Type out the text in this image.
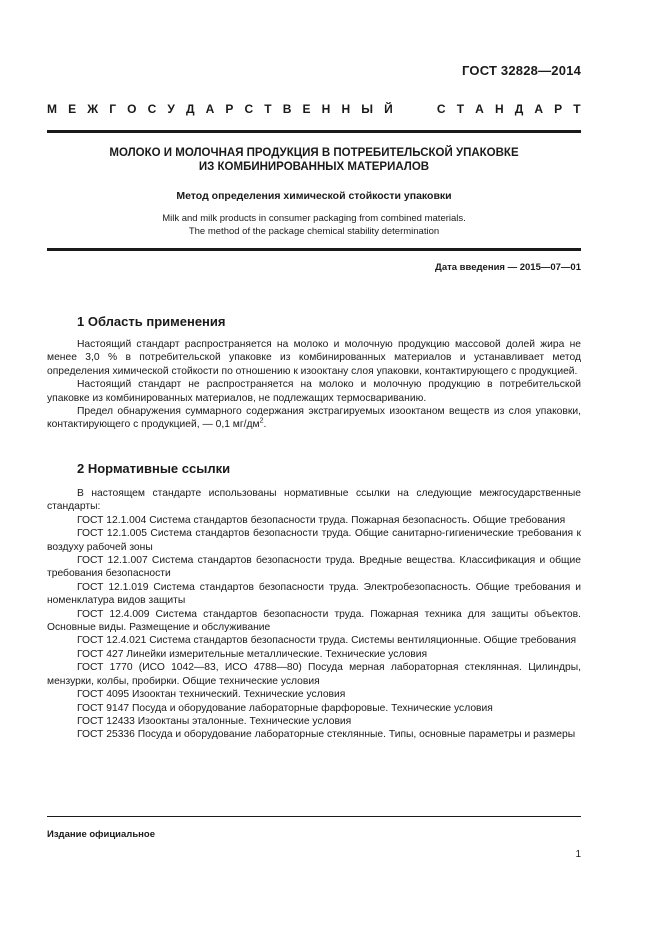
ГОСТ 32828—2014
М Е Ж Г О С У Д А Р С Т В Е Н Н Ы Й	С Т А Н Д А Р Т
МОЛОКО И МОЛОЧНАЯ ПРОДУКЦИЯ В ПОТРЕБИТЕЛЬСКОЙ УПАКОВКЕ
ИЗ КОМБИНИРОВАННЫХ МАТЕРИАЛОВ
Метод определения химической стойкости упаковки
Milk and milk products in consumer packaging from combined materials.
The method of the package chemical stability determination
Дата введения — 2015—07—01
1 Область применения

Настоящий стандарт распространяется на молоко и молочную продукцию массовой долей жира не менее 3,0 % в потребительской упаковке из комбинированных материалов и устанавливает метод определения химической стойкости по отношению к изооктану слоя упаковки, контактирующего с продукцией.

Настоящий стандарт не распространяется на молоко и молочную продукцию в потребительской упаковке из комбинированных материалов, не подлежащих термосвариванию.

Предел обнаружения суммарного содержания экстрагируемых изооктаном веществ из слоя упаковки, контактирующего с продукцией, — 0,1 $мг/дм^2$.

2 Нормативные ссылки

В настоящем стандарте использованы нормативные ссылки на следующие межгосударственные стандарты:

ГОСТ 12.1.004 Система стандартов безопасности труда. Пожарная безопасность. Общие требования

ГОСТ 12.1.005 Система стандартов безопасности труда. Общие санитарно-гигиенические требования к воздуху рабочей зоны

ГОСТ 12.1.007 Система стандартов безопасности труда. Вредные вещества. Классификация и общие требования безопасности

ГОСТ 12.1.019 Система стандартов безопасности труда. Электробезопасность. Общие требования и номенклатура видов защиты

ГОСТ 12.4.009 Система стандартов безопасности труда. Пожарная техника для защиты объектов. Основные виды. Размещение и обслуживание

ГОСТ 12.4.021 Система стандартов безопасности труда. Системы вентиляционные. Общие требования

ГОСТ 427 Линейки измерительные металлические. Технические условия

ГОСТ 1770 (ИСО 1042—83, ИСО 4788—80) Посуда мерная лабораторная стеклянная. Цилиндры, мензурки, колбы, пробирки. Общие технические условия

ГОСТ 4095 Изооктан технический. Технические условия

ГОСТ 9147 Посуда и оборудование лабораторные фарфоровые. Технические условия

ГОСТ 12433 Изооктаны эталонные. Технические условия

ГОСТ 25336 Посуда и оборудование лабораторные стеклянные. Типы, основные параметры и размеры

Издание официальное
1
